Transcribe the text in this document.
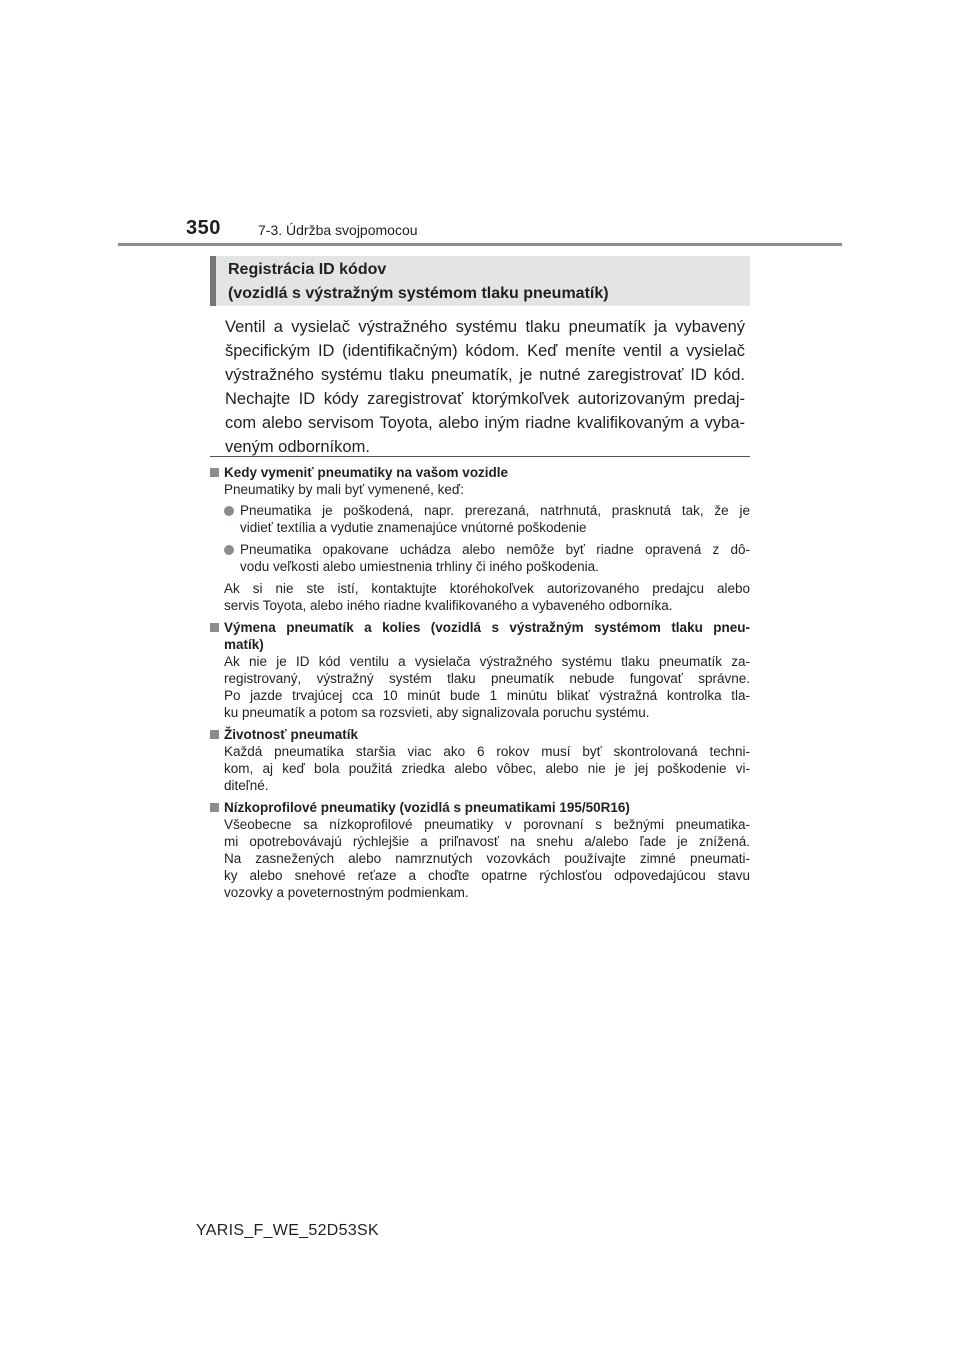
350	7-3. Údržba svojpomocou
Registrácia ID kódov
(vozidlá s výstražným systémom tlaku pneumatík)
Ventil a vysielač výstražného systému tlaku pneumatík ja vybavený
špecifickým ID (identifikačným) kódom. Keď meníte ventil a vysielač
výstražného systému tlaku pneumatík, je nutné zaregistrovať ID kód.
Nechajte ID kódy zaregistrovať ktorýmkoľvek autorizovaným predaj-
com alebo servisom Toyota, alebo iným riadne kvalifikovaným a vyba-
veným odborníkom.
Kedy vymeniť pneumatiky na vašom vozidle
Pneumatiky by mali byť vymenené, keď:
Pneumatika je poškodená, napr. prerezaná, natrhnutá, prasknutá tak, že je
vidieť textília a vydutie znamenajúce vnútorné poškodenie
Pneumatika opakovane uchádza alebo nemôže byť riadne opravená z dô-
vodu veľkosti alebo umiestnenia trhliny či iného poškodenia.
Ak si nie ste istí, kontaktujte ktoréhokoľvek autorizovaného predajcu alebo
servis Toyota, alebo iného riadne kvalifikovaného a vybaveného odborníka.
Výmena pneumatík a kolies (vozidlá s výstražným systémom tlaku pneu-
matík)
Ak nie je ID kód ventilu a vysielača výstražného systému tlaku pneumatík za-
registrovaný, výstražný systém tlaku pneumatík nebude fungovať správne.
Po jazde trvajúcej cca 10 minút bude 1 minútu blikať výstražná kontrolka tla-
ku pneumatík a potom sa rozsvieti, aby signalizovala poruchu systému.
Životnosť pneumatík
Každá pneumatika staršia viac ako 6 rokov musí byť skontrolovaná techni-
kom, aj keď bola použitá zriedka alebo vôbec, alebo nie je jej poškodenie vi-
diteľné.
Nízkoprofilové pneumatiky (vozidlá s pneumatikami 195/50R16)
Všeobecne sa nízkoprofilové pneumatiky v porovnaní s bežnými pneumatika-
mi opotrebovávajú rýchlejšie a priľnavosť na snehu a/alebo ľade je znížená.
Na zasnežených alebo namrznutých vozovkách používajte zimné pneumati-
ky alebo snehové reťaze a choďte opatrne rýchlosťou odpovedajúcou stavu
vozovky a poveternostným podmienkam.
YARIS_F_WE_52D53SK
